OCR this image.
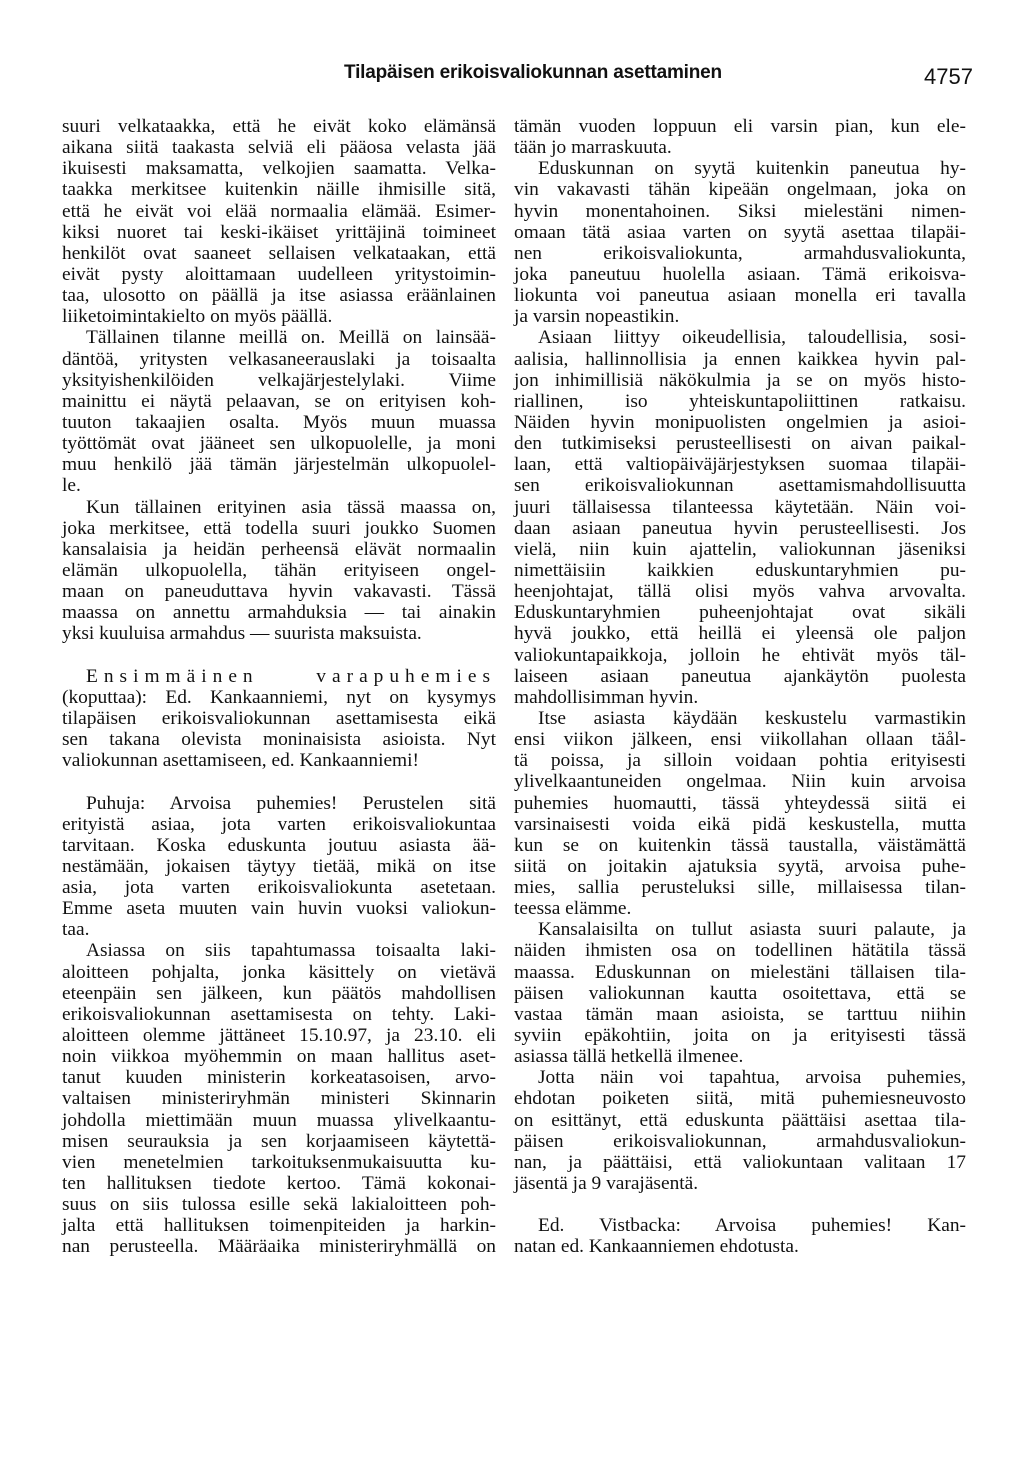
Tilapäisen erikoisvaliokunnan asettaminen	4757
suuri velkataakka, että he eivät koko elämänsä
aikana siitä taakasta selviä eli pääosa velasta jää
ikuisesti maksamatta, velkojien saamatta. Velka-
taakka merkitsee kuitenkin näille ihmisille sitä,
että he eivät voi elää normaalia elämää. Esimer-
kiksi nuoret tai keski-ikäiset yrittäjinä toimineet
henkilöt ovat saaneet sellaisen velkataakan, että
eivät pysty aloittamaan uudelleen yritystoimin-
taa, ulosotto on päällä ja itse asiassa eräänlainen
liiketoimintakielto on myös päällä.
Tällainen tilanne meillä on. Meillä on lainsää-
däntöä, yritysten velkasaneerauslaki ja toisaalta
yksityishenkilöiden velkajärjestelylaki. Viime
mainittu ei näytä pelaavan, se on erityisen koh-
tuuton takaajien osalta. Myös muun muassa
työttömät ovat jääneet sen ulkopuolelle, ja moni
muu henkilö jää tämän järjestelmän ulkopuolel-
le.
Kun tällainen erityinen asia tässä maassa on,
joka merkitsee, että todella suuri joukko Suomen
kansalaisia ja heidän perheensä elävät normaalin
elämän ulkopuolella, tähän erityiseen ongel-
maan on paneuduttava hyvin vakavasti. Tässä
maassa on annettu armahduksia — tai ainakin
yksi kuuluisa armahdus — suurista maksuista.
Ensimmäinen varapuhemies
(koputtaa): Ed. Kankaanniemi, nyt on kysymys
tilapäisen erikoisvaliokunnan asettamisesta eikä
sen takana olevista moninaisista asioista. Nyt
valiokunnan asettamiseen, ed. Kankaanniemi!
Puhuja: Arvoisa puhemies! Perustelen sitä
erityistä asiaa, jota varten erikoisvaliokuntaa
tarvitaan. Koska eduskunta joutuu asiasta ää-
nestämään, jokaisen täytyy tietää, mikä on itse
asia, jota varten erikoisvaliokunta asetetaan.
Emme aseta muuten vain huvin vuoksi valiokun-
taa.
Asiassa on siis tapahtumassa toisaalta laki-
aloitteen pohjalta, jonka käsittely on vietävä
eteenpäin sen jälkeen, kun päätös mahdollisen
erikoisvaliokunnan asettamisesta on tehty. Laki-
aloitteen olemme jättäneet 15.10.97, ja 23.10. eli
noin viikkoa myöhemmin on maan hallitus aset-
tanut kuuden ministerin korkeatasoisen, arvo-
valtaisen ministeriryhmän ministeri Skinnarin
johdolla miettimään muun muassa ylivelkaantu-
misen seurauksia ja sen korjaamiseen käytettä-
vien menetelmien tarkoituksenmukaisuutta ku-
ten hallituksen tiedote kertoo. Tämä kokonai-
suus on siis tulossa esille sekä lakialoitteen poh-
jalta että hallituksen toimenpiteiden ja harkin-
nan perusteella. Määräaika ministeriryhmällä on
tämän vuoden loppuun eli varsin pian, kun ele-
tään jo marraskuuta.
Eduskunnan on syytä kuitenkin paneutua hy-
vin vakavasti tähän kipeään ongelmaan, joka on
hyvin monentahoinen. Siksi mielestäni nimen-
omaan tätä asiaa varten on syytä asettaa tilapäi-
nen erikoisvaliokunta, armahdusvaliokunta,
joka paneutuu huolella asiaan. Tämä erikoisva-
liokunta voi paneutua asiaan monella eri tavalla
ja varsin nopeastikin.
Asiaan liittyy oikeudellisia, taloudellisia, sosi-
aalisia, hallinnollisia ja ennen kaikkea hyvin pal-
jon inhimillisiä näkökulmia ja se on myös histo-
riallinen, iso yhteiskuntapoliittinen ratkaisu.
Näiden hyvin monipuolisten ongelmien ja asioi-
den tutkimiseksi perusteellisesti on aivan paikal-
laan, että valtiopäiväjärjestyksen suomaa tilapäi-
sen erikoisvaliokunnan asettamismahdollisuutta
juuri tällaisessa tilanteessa käytetään. Näin voi-
daan asiaan paneutua hyvin perusteellisesti. Jos
vielä, niin kuin ajattelin, valiokunnan jäseniksi
nimettäisiin kaikkien eduskuntaryhmien pu-
heenjohtajat, tällä olisi myös vahva arvovalta.
Eduskuntaryhmien puheenjohtajat ovat sikäli
hyvä joukko, että heillä ei yleensä ole paljon
valiokuntapaikkoja, jolloin he ehtivät myös täl-
laiseen asiaan paneutua ajankäytön puolesta
mahdollisimman hyvin.
Itse asiasta käydään keskustelu varmastikin
ensi viikon jälkeen, ensi viikollahan ollaan täål-
tä poissa, ja silloin voidaan pohtia erityisesti
ylivelkaantuneiden ongelmaa. Niin kuin arvoisa
puhemies huomautti, tässä yhteydessä siitä ei
varsinaisesti voida eikä pidä keskustella, mutta
kun se on kuitenkin tässä taustalla, väistämättä
siitä on joitakin ajatuksia syytä, arvoisa puhe-
mies, sallia perusteluksi sille, millaisessa tilan-
teessa elämme.
Kansalaisilta on tullut asiasta suuri palaute, ja
näiden ihmisten osa on todellinen hätätila tässä
maassa. Eduskunnan on mielestäni tällaisen tila-
päisen valiokunnan kautta osoitettava, että se
vastaa tämän maan asioista, se tarttuu niihin
syviin epäkohtiin, joita on ja erityisesti tässä
asiassa tällä hetkellä ilmenee.
Jotta näin voi tapahtua, arvoisa puhemies,
ehdotan poiketen siitä, mitä puhemiesneuvosto
on esittänyt, että eduskunta päättäisi asettaa tila-
päisen erikoisvaliokunnan, armahdusvaliokun-
nan, ja päättäisi, että valiokuntaan valitaan 17
jäsentä ja 9 varajäsentä.
Ed. Vistbacka: Arvoisa puhemies! Kan-
natan ed. Kankaanniemen ehdotusta.
